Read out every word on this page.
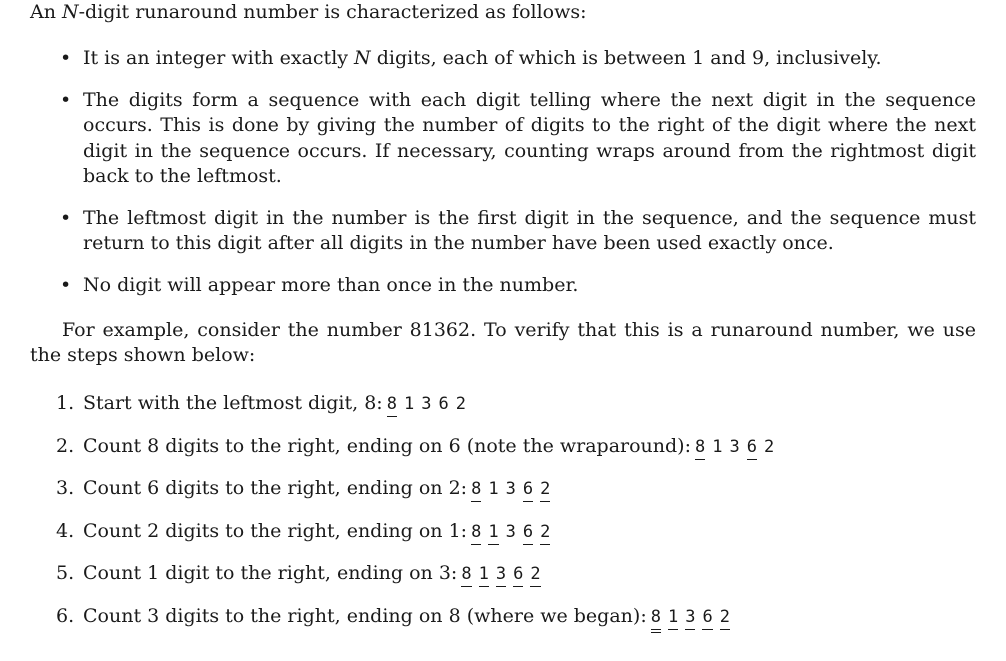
An N-digit runaround number is characterized as follows:

• It is an integer with exactly N digits, each of which is between 1 and 9, inclusively.
• The digits form a sequence with each digit telling where the next digit in the sequence occurs. This is done by giving the number of digits to the right of the digit where the next digit in the sequence occurs. If necessary, counting wraps around from the rightmost digit back to the leftmost.
• The leftmost digit in the number is the first digit in the sequence, and the sequence must return to this digit after all digits in the number have been used exactly once.
• No digit will appear more than once in the number.

For example, consider the number 81362. To verify that this is a runaround number, we use the steps shown below:

1. Start with the leftmost digit, 8: 8 1 3 6 2
2. Count 8 digits to the right, ending on 6 (note the wraparound): 8 1 3 6 2
3. Count 6 digits to the right, ending on 2: 8 1 3 6 2
4. Count 2 digits to the right, ending on 1: 8 1 3 6 2
5. Count 1 digit to the right, ending on 3: 8 1 3 6 2
6. Count 3 digits to the right, ending on 8 (where we began): 8 1 3 6 2
